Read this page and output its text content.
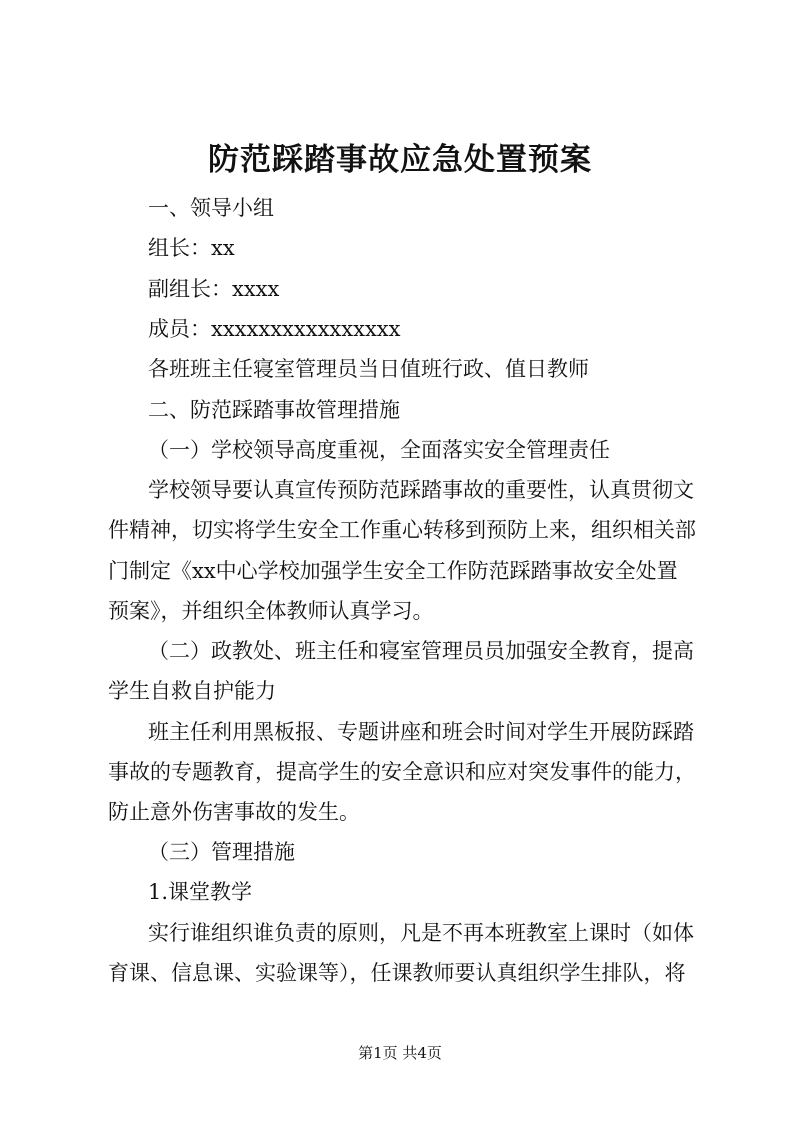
防范踩踏事故应急处置预案
一、领导小组
组长：xx
副组长：xxxx
成员：xxxxxxxxxxxxxxxx
各班班主任寝室管理员当日值班行政、值日教师
二、防范踩踏事故管理措施
（一）学校领导高度重视，全面落实安全管理责任
学校领导要认真宣传预防范踩踏事故的重要性，认真贯彻文
件精神，切实将学生安全工作重心转移到预防上来，组织相关部
门制定《xx中心学校加强学生安全工作防范踩踏事故安全处置
预案》，并组织全体教师认真学习。
（二）政教处、班主任和寝室管理员员加强安全教育，提高
学生自救自护能力
班主任利用黑板报、专题讲座和班会时间对学生开展防踩踏
事故的专题教育，提高学生的安全意识和应对突发事件的能力，
防止意外伤害事故的发生。
（三）管理措施
1.课堂教学
实行谁组织谁负责的原则，凡是不再本班教室上课时（如体
育课、信息课、实验课等），任课教师要认真组织学生排队，将
第1页 共4页
